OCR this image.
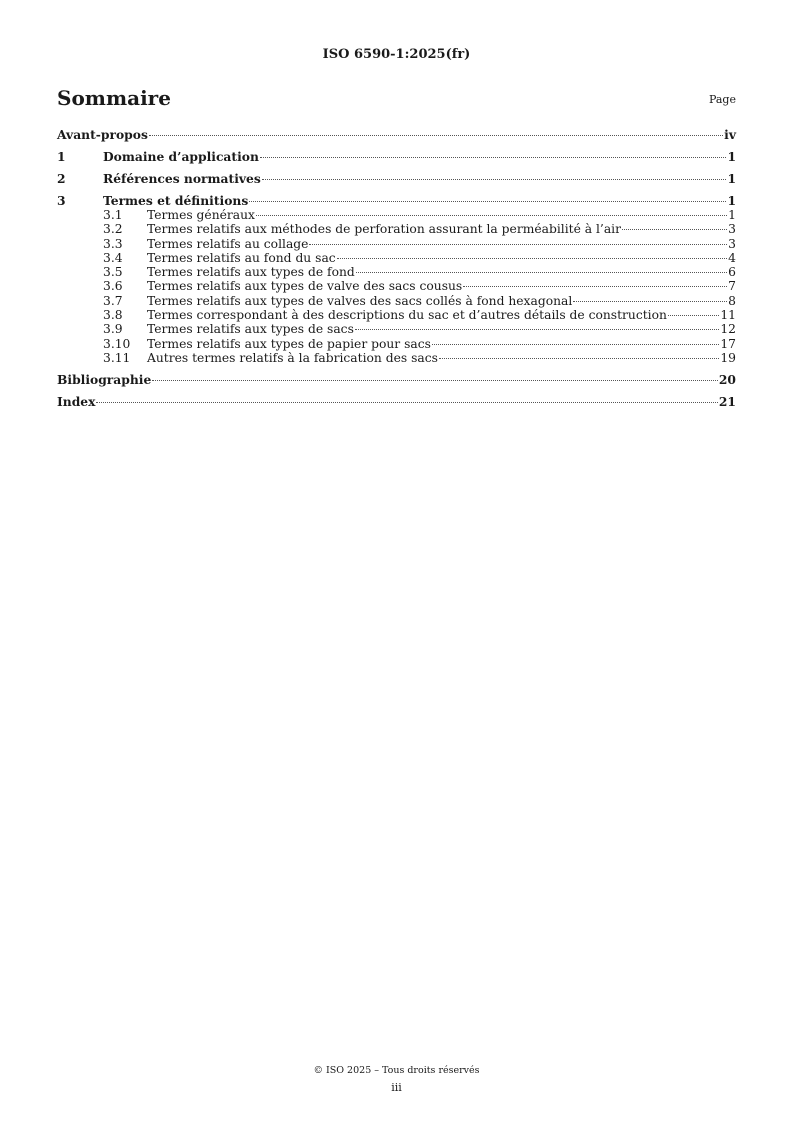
ISO 6590-1:2025(fr)
Sommaire	Page
Avant-propos	iv
1	Domaine d’application	1
2	Références normatives	1
3	Termes et définitions	1
3.1	Termes généraux	1
3.2	Termes relatifs aux méthodes de perforation assurant la perméabilité à l’air	3
3.3	Termes relatifs au collage	3
3.4	Termes relatifs au fond du sac	4
3.5	Termes relatifs aux types de fond	6
3.6	Termes relatifs aux types de valve des sacs cousus	7
3.7	Termes relatifs aux types de valves des sacs collés à fond hexagonal	8
3.8	Termes correspondant à des descriptions du sac et d’autres détails de construction	11
3.9	Termes relatifs aux types de sacs	12
3.10	Termes relatifs aux types de papier pour sacs	17
3.11	Autres termes relatifs à la fabrication des sacs	19
Bibliographie	20
Index	21
© ISO 2025 – Tous droits réservés
iii
